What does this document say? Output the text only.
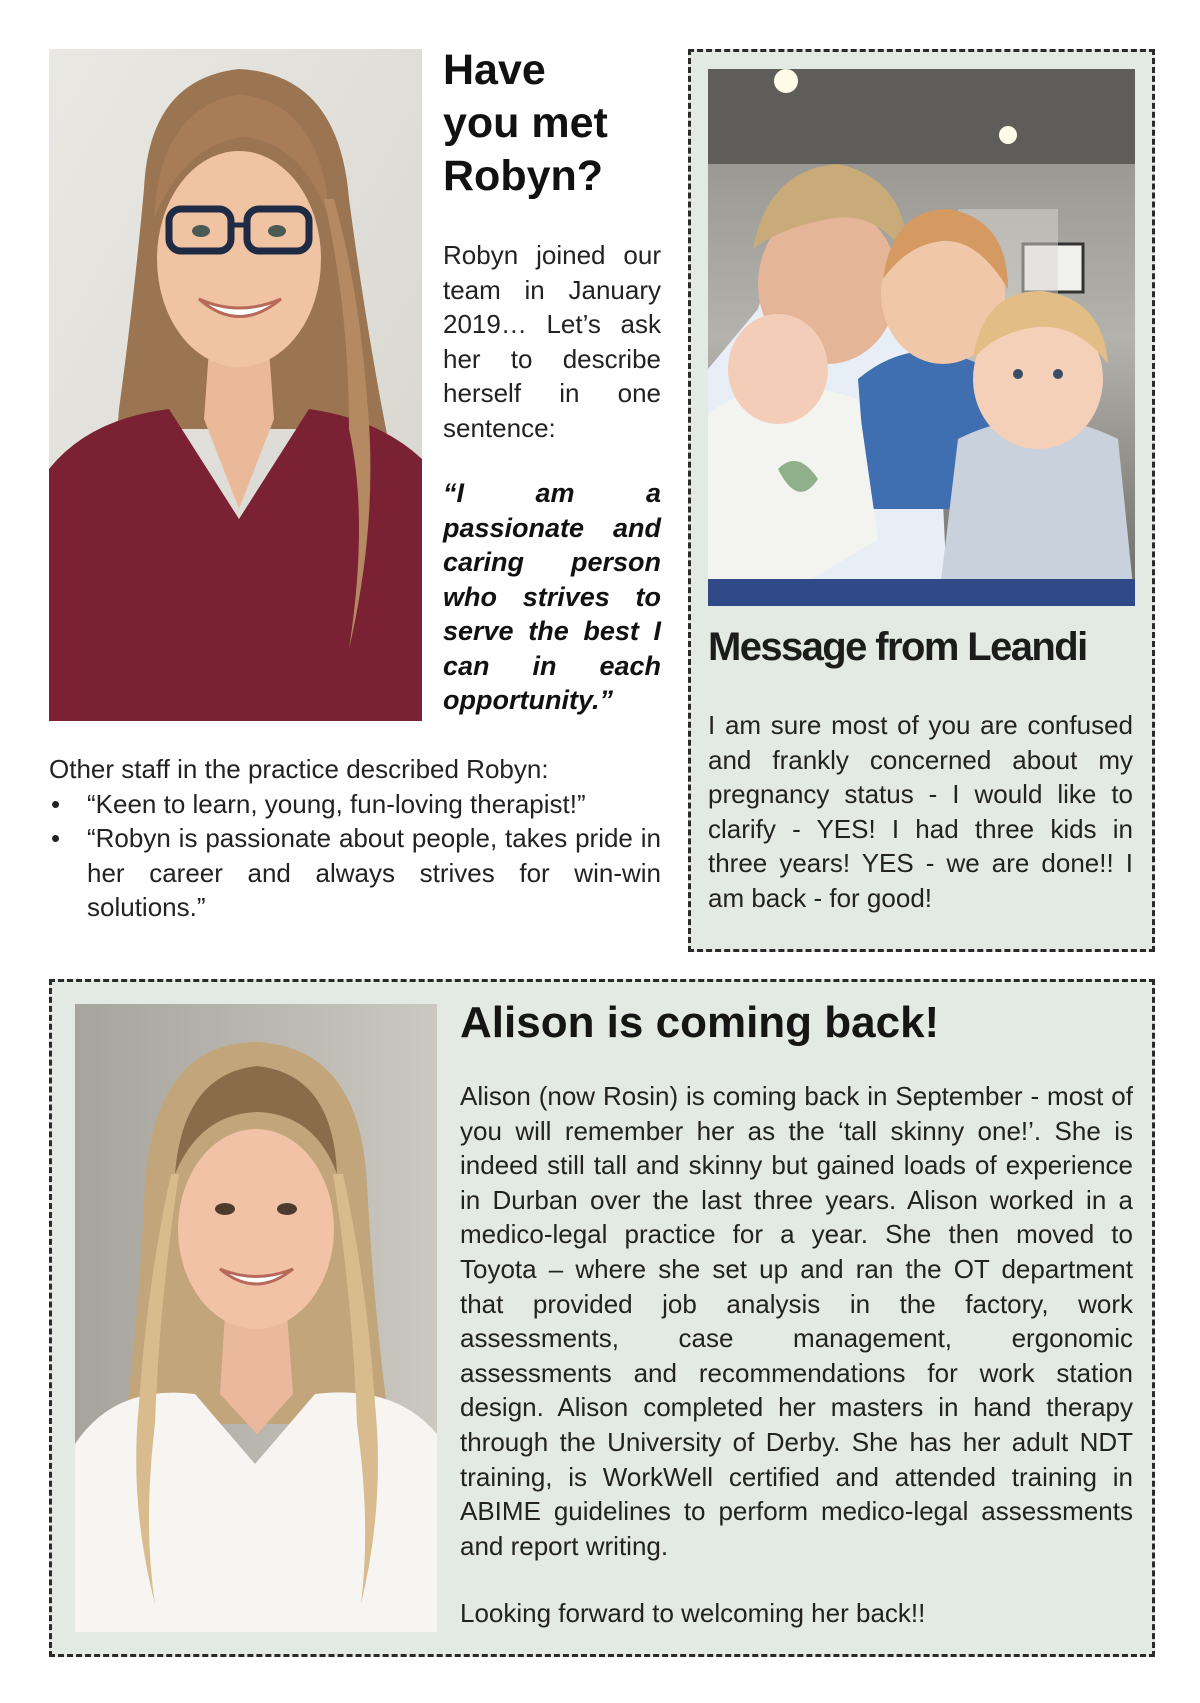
Have
you met
Robyn?

Robyn joined our team in January 2019… Let’s ask her to describe herself in one sentence:

“I am a passionate and caring person who strives to serve the best I can in each opportunity.”

Other staff in the practice described Robyn:

• “Keen to learn, young, fun-loving therapist!”
• “Robyn is passionate about people, takes pride in her career and always strives for win-win solutions.”
Message from Leandi

I am sure most of you are confused and frankly concerned about my pregnancy status - I would like to clarify - YES! I had three kids in three years! YES - we are done!! I am back - for good!

Alison is coming back!

Alison (now Rosin) is coming back in September - most of you will remember her as the ‘tall skinny one!’. She is indeed still tall and skinny but gained loads of experience in Durban over the last three years. Alison worked in a medico-legal practice for a year. She then moved to Toyota – where she set up and ran the OT department that provided job analysis in the factory, work assessments, case management, ergonomic assessments and recommendations for work station design. Alison completed her masters in hand therapy through the University of Derby. She has her adult NDT training, is WorkWell certified and attended training in ABIME guidelines to perform medico-legal assessments and report writing.

Looking forward to welcoming her back!!
